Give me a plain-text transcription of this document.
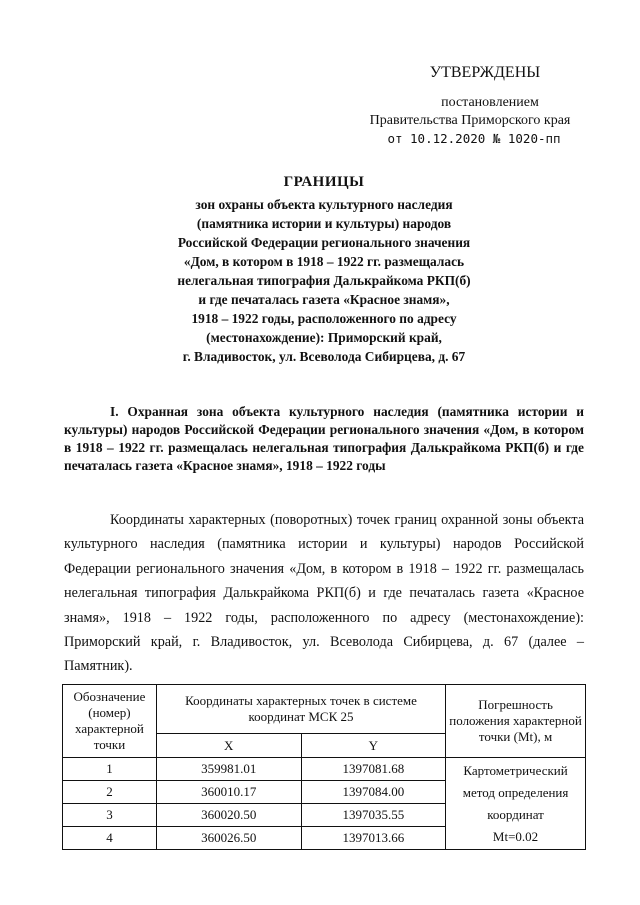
УТВЕРЖДЕНЫ
постановлением
Правительства Приморского края
от 10.12.2020 № 1020-пп
ГРАНИЦЫ
зон охраны объекта культурного наследия
(памятника истории и культуры) народов
Российской Федерации регионального значения
«Дом, в котором в 1918 – 1922 гг. размещалась
нелегальная типография Далькрайкома РКП(б)
и где печаталась газета «Красное знамя»,
1918 – 1922 годы, расположенного по адресу
(местонахождение): Приморский край,
г. Владивосток, ул. Всеволода Сибирцева, д. 67
I. Охранная зона объекта культурного наследия (памятника истории и культуры) народов Российской Федерации регионального значения «Дом, в котором в 1918 – 1922 гг. размещалась нелегальная типография Далькрайкома РКП(б) и где печаталась газета «Красное знамя», 1918 – 1922 годы
Координаты характерных (поворотных) точек границ охранной зоны объекта культурного наследия (памятника истории и культуры) народов Российской Федерации регионального значения «Дом, в котором в 1918 – 1922 гг. размещалась нелегальная типография Далькрайкома РКП(б) и где печаталась газета «Красное знамя», 1918 – 1922 годы, расположенного по адресу (местонахождение): Приморский край, г. Владивосток, ул. Всеволода Сибирцева, д. 67 (далее – Памятник).
Обозначение (номер) характерной точки	Координаты характерных точек в системе координат МСК 25		Погрешность положения характерной точки (Mt), м
	X	Y	
1	359981.01	1397081.68	Картометрический метод определения координат
Mt=0.02

2	360010.17	1397084.00	
3	360020.50	1397035.55	
4	360026.50	1397013.66	
